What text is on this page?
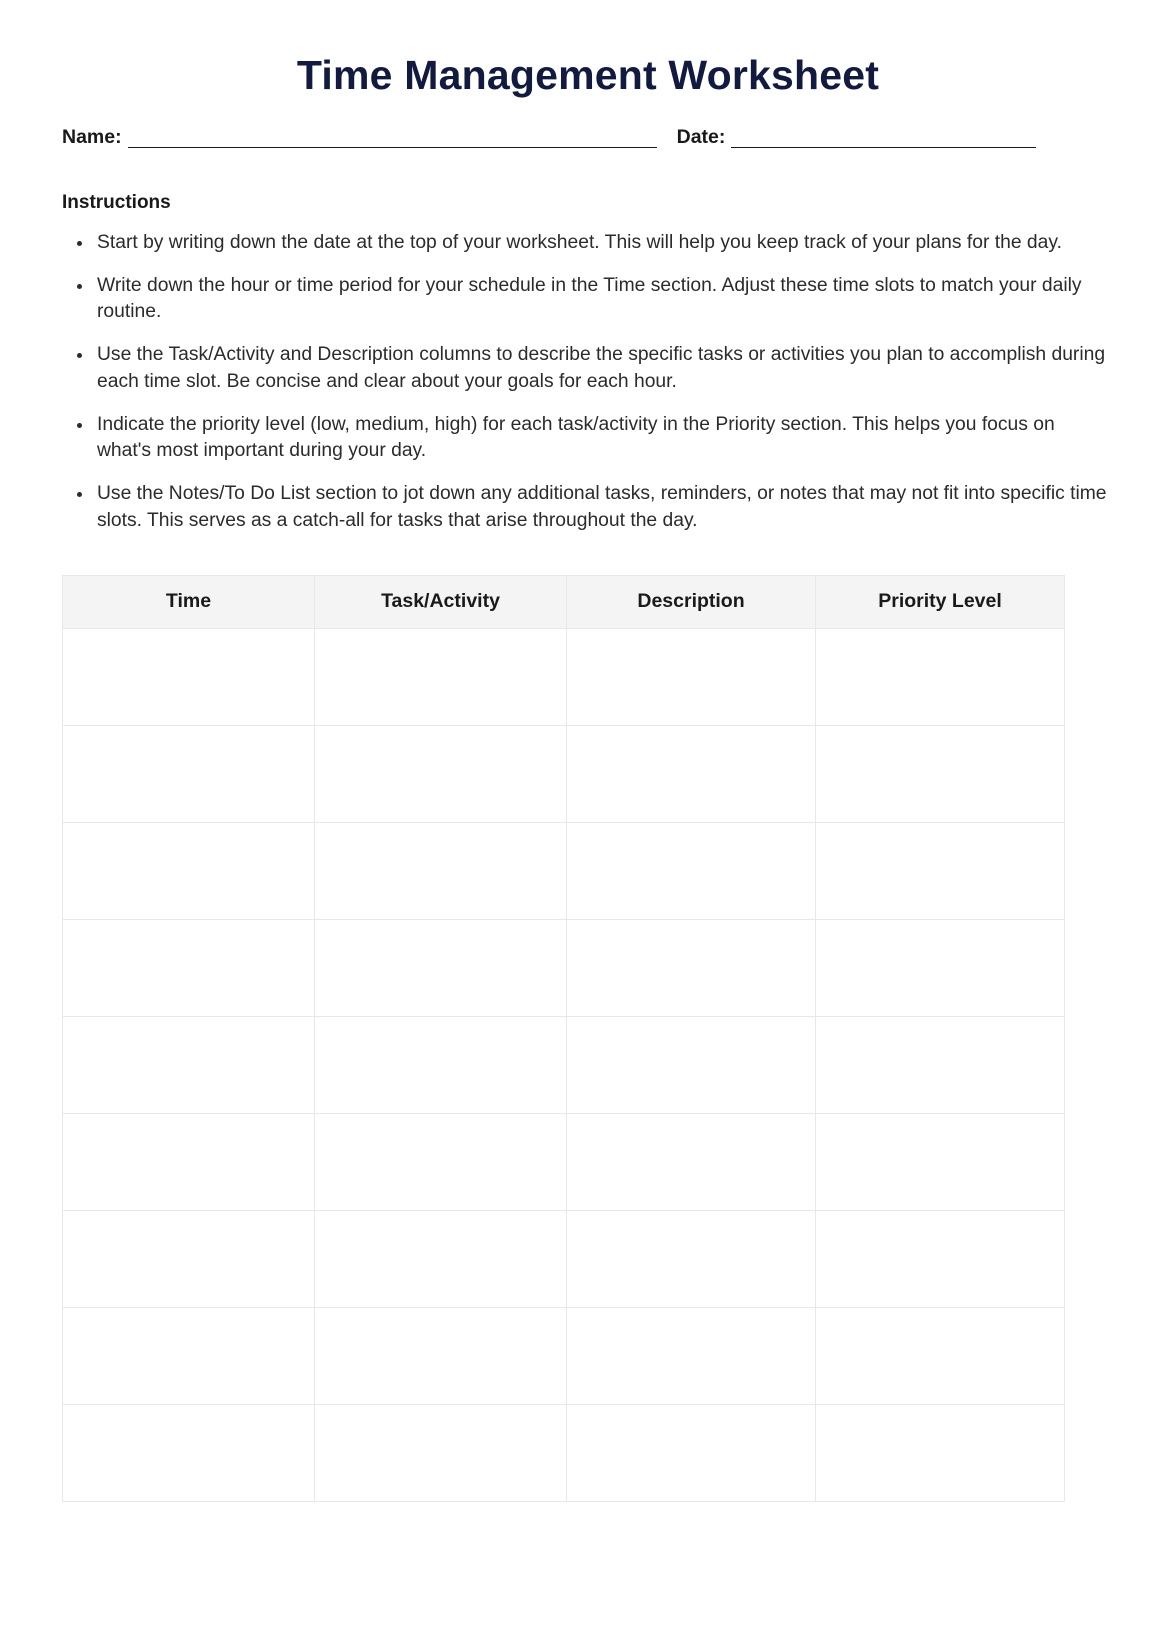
Time Management Worksheet
Name:	Date:
Instructions
Start by writing down the date at the top of your worksheet. This will help you keep track of your plans for the day.
Write down the hour or time period for your schedule in the Time section. Adjust these time slots to match your daily routine.
Use the Task/Activity and Description columns to describe the specific tasks or activities you plan to accomplish during each time slot. Be concise and clear about your goals for each hour.
Indicate the priority level (low, medium, high) for each task/activity in the Priority section. This helps you focus on what's most important during your day.
Use the Notes/To Do List section to jot down any additional tasks, reminders, or notes that may not fit into specific time slots. This serves as a catch-all for tasks that arise throughout the day.
Time	Task/Activity	Description	Priority Level
